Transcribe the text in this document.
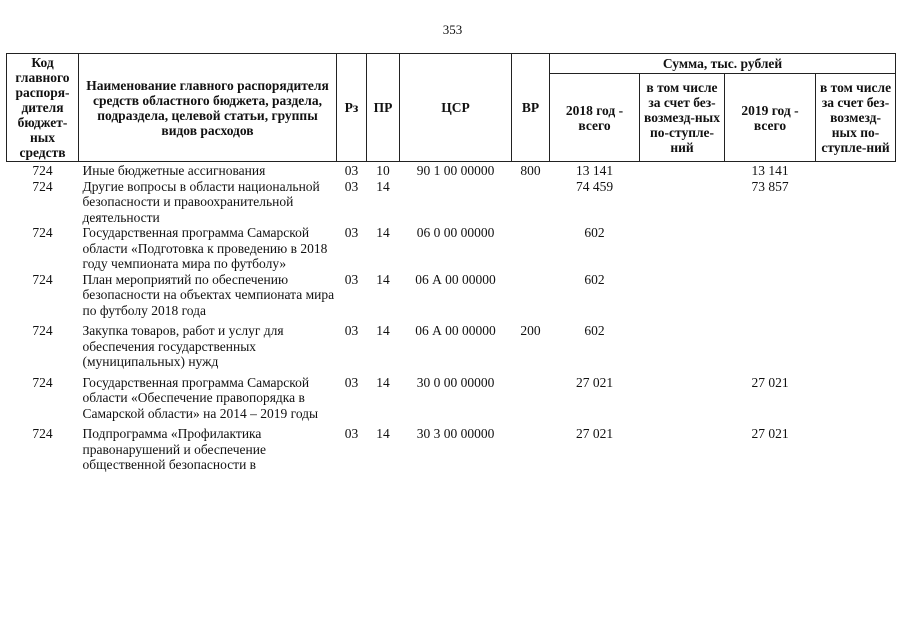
353
Код главного распоря-дителя бюджет-ных средств	Наименование главного распорядителя средств областного бюджета, раздела, подраздела, целевой статьи, группы видов расходов	Рз	ПР	ЦСР	ВР	Сумма, тыс. рублей			
						2018 год - всего	в том числе за счет без-возмезд-ных по-ступле-ний	2019 год - всего	в том числе за счет без-возмезд-ных по-ступле-ний
724	Иные бюджетные ассигнования	03	10	90 1 00 00000	800	13 141		13 141	
724	Другие вопросы в области национальной безопасности и правоохранительной деятельности	03	14			74 459		73 857	
724	Государственная программа Самарской области «Подготовка к проведению в 2018 году чемпионата мира по футболу»	03	14	06 0 00 00000		602			
724	План мероприятий по обеспечению безопасности на объектах чемпионата мира по футболу 2018 года	03	14	06 А 00 00000		602			
724	Закупка товаров, работ и услуг для обеспечения государственных (муниципальных) нужд	03	14	06 А 00 00000	200	602			
724	Государственная программа Самарской области «Обеспечение правопорядка в Самарской области» на 2014 – 2019 годы	03	14	30 0 00 00000		27 021		27 021	
724	Подпрограмма «Профилактика правонарушений и обеспечение общественной безопасности в	03	14	30 3 00 00000		27 021		27 021	
